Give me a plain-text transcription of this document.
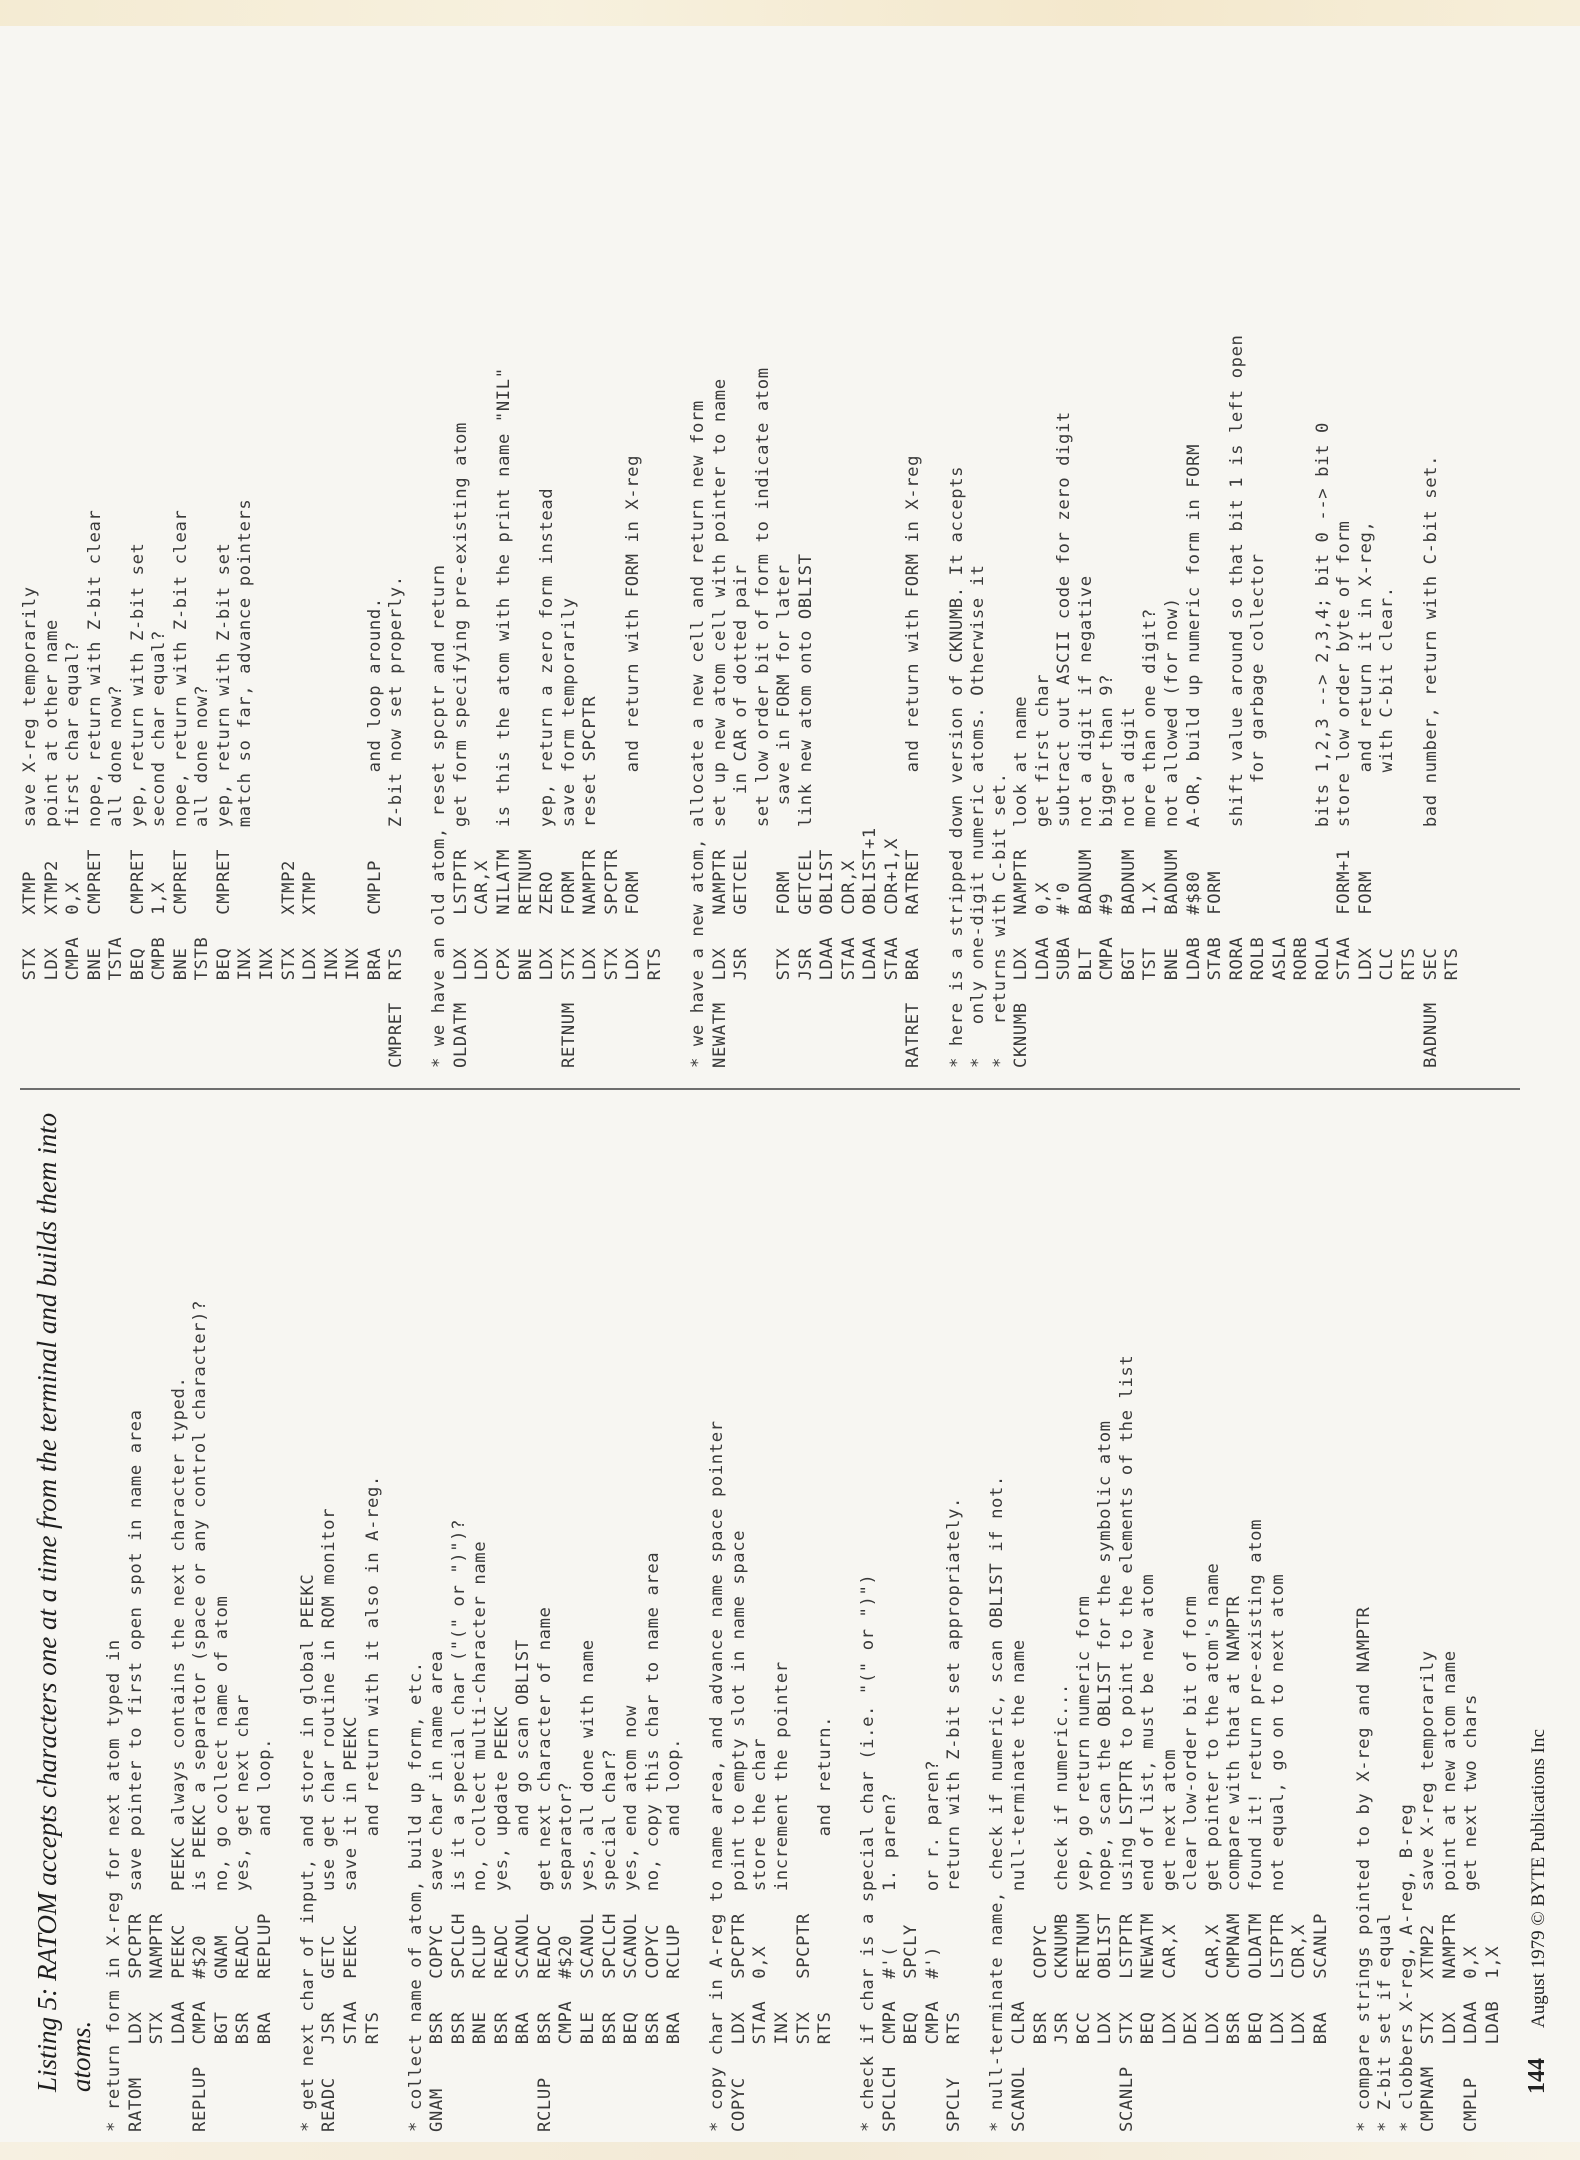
Listing 5: RATOM accepts characters one at a time from the terminal and builds them into atoms. * return form in X-reg for next atom typed in RATOM   LDX   SPCPTR  save pointer to first open spot in name area STX   NAMPTR LDAA  PEEKC   PEEKC always contains the next character typed. REPLUP  CMPA  #$20    is PEEKC a separator (space or any control character)? BGT   GNAM    no, go collect name of atom BSR   READC   yes, get next char BRA   REPLUP       and loop.
* get next char of input, and store in global PEEKC READC   JSR   GETC    use get char routine in ROM monitor STAA  PEEKC   save it in PEEKC RTS                and return with it also in A-reg.
* collect name of atom, build up form, etc. GNAM    BSR   COPYC   save char in name area BSR   SPCLCH  is it a special char ("(" or ")")? BNE   RCLUP   no, collect multi-character name BSR   READC   yes, update PEEKC BRA   SCANOL       and go scan OBLIST RCLUP   BSR   READC   get next character of name CMPA  #$20    separator? BLE   SCANOL  yes, all done with name BSR   SPCLCH  special char? BEQ   SCANOL  yes, end atom now BSR   COPYC   no, copy this char to name area BRA   RCLUP        and loop.
* copy char in A-reg to name area, and advance name space pointer COPYC   LDX   SPCPTR  point to empty slot in name space STAA  0,X     store the char INX           increment the pointer STX   SPCPTR RTS                and return.
* check if char is a special char (i.e. "(" or ")") SPCLCH  CMPA  #'(     1. paren? BEQ   SPCLY CMPA  #')     or r. paren? SPCLY   RTS           return with Z-bit set appropriately.
* null-terminate name, check if numeric, scan OBLIST if not. SCANOL  CLRA          null-terminate the name BSR   COPYC JSR   CKNUMB  check if numeric... BCC   RETNUM  yep, go return numeric form LDX   OBLIST  nope, scan the OBLIST for the symbolic atom SCANLP  STX   LSTPTR  using LSTPTR to point to the elements of the list BEQ   NEWATM  end of list, must be new atom LDX   CAR,X   get next atom DEX           clear low-order bit of form LDX   CAR,X   get pointer to the atom's name BSR   CMPNAM  compare with that at NAMPTR BEQ   OLDATM  found it! return pre-existing atom LDX   LSTPTR  not equal, go on to next atom LDX   CDR,X BRA   SCANLP
* compare strings pointed to by X-reg and NAMPTR * Z-bit set if equal * clobbers X-reg, A-reg, B-reg CMPNAM  STX   XTMP2   save X-reg temporarily LDX   NAMPTR  point at new atom name CMPLP   LDAA  0,X     get next two chars LDAB  1,X
STX   XTMP    save X-reg temporarily LDX   XTMP2   point at other name CMPA  0,X     first char equal? BNE   CMPRET  nope, return with Z-bit clear TSTA          all done now? BEQ   CMPRET  yep, return with Z-bit set CMPB  1,X     second char equal? BNE   CMPRET  nope, return with Z-bit clear TSTB          all done now? BEQ   CMPRET  yep, return with Z-bit set INX           match so far, advance pointers INX STX   XTMP2 LDX   XTMP INX INX BRA   CMPLP        and loop around. CMPRET  RTS           Z-bit now set properly.
* we have an old atom, reset spcptr and return OLDATM  LDX   LSTPTR  get form specifying pre-existing atom LDX   CAR,X CPX   NILATM  is this the atom with the print name "NIL" BNE   RETNUM LDX   ZERO    yep, return a zero form instead RETNUM  STX   FORM    save form temporarily LDX   NAMPTR  reset SPCPTR STX   SPCPTR LDX   FORM         and return with FORM in X-reg RTS
* we have a new atom, allocate a new cell and return new form NEWATM  LDX   NAMPTR  set up new atom cell with pointer to name JSR   GETCEL     in CAR of dotted pair set low order bit of form to indicate atom STX   FORM      save in FORM for later JSR   GETCEL  link new atom onto OBLIST LDAA  OBLIST STAA  CDR,X LDAA  OBLIST+1 STAA  CDR+1,X RATRET  BRA   RATRET       and return with FORM in X-reg
* here is a stripped down version of CKNUMB. It accepts *   only one-digit numeric atoms. Otherwise it *   returns with C-bit set. CKNUMB  LDX   NAMPTR  look at name LDAA  0,X     get first char SUBA  #'0     subtract out ASCII code for zero digit BLT   BADNUM  not a digit if negative CMPA  #9      bigger than 9? BGT   BADNUM  not a digit TST   1,X     more than one digit? BNE   BADNUM  not allowed (for now) LDAB  #$80    A-OR, build up numeric form in FORM STAB  FORM RORA          shift value around so that bit 1 is left open ROLB              for garbage collector ASLA RORB ROLA          bits 1,2,3 --> 2,3,4; bit 0 --> bit 0 STAA  FORM+1  store low order byte of form LDX   FORM         and return it in X-reg, CLC                with C-bit clear. RTS BADNUM  SEC           bad number, return with C-bit set. RTS
144 August 1979 © BYTE Publications Inc
